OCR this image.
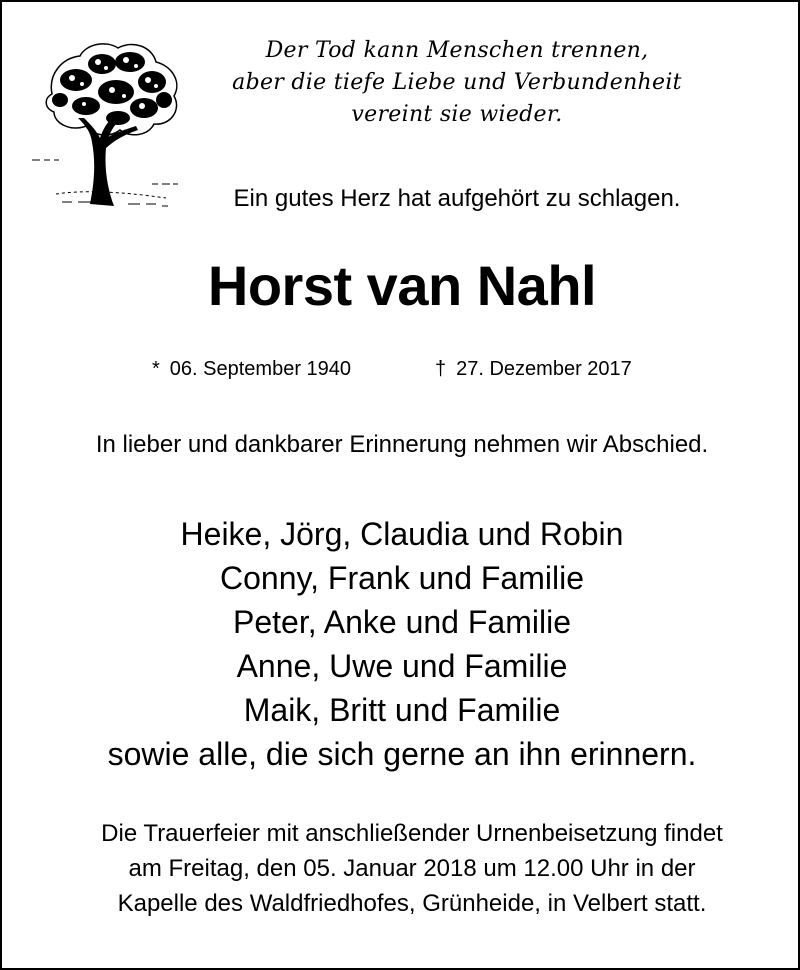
Der Tod kann Menschen trennen,
aber die tiefe Liebe und Verbundenheit
vereint sie wieder.
Ein gutes Herz hat aufgehört zu schlagen.
Horst van Nahl
* 06. September 1940	† 27. Dezember 2017
In lieber und dankbarer Erinnerung nehmen wir Abschied.
Heike, Jörg, Claudia und Robin
Conny, Frank und Familie
Peter, Anke und Familie
Anne, Uwe und Familie
Maik, Britt und Familie
sowie alle, die sich gerne an ihn erinnern.
Die Trauerfeier mit anschließender Urnenbeisetzung findet
am Freitag, den 05. Januar 2018 um 12.00 Uhr in der
Kapelle des Waldfriedhofes, Grünheide, in Velbert statt.
